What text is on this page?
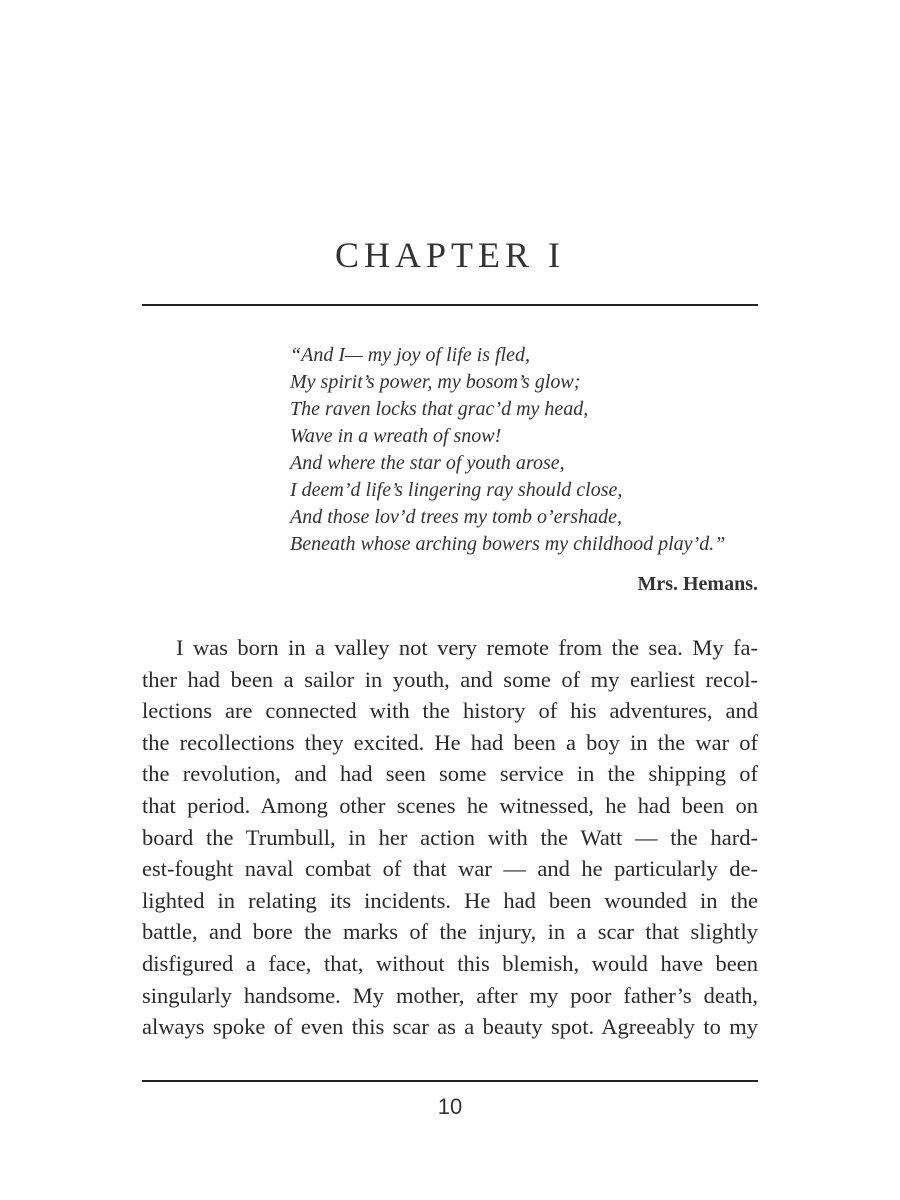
CHAPTER I
“And I— my joy of life is fled,
My spirit’s power, my bosom’s glow;
The raven locks that grac’d my head,
Wave in a wreath of snow!
And where the star of youth arose,
I deem’d life’s lingering ray should close,
And those lov’d trees my tomb o’ershade,
Beneath whose arching bowers my childhood play’d.”
Mrs. Hemans.
I was born in a valley not very remote from the sea. My fa-
ther had been a sailor in youth, and some of my earliest recol-
lections are connected with the history of his adventures, and
the recollections they excited. He had been a boy in the war of
the revolution, and had seen some service in the shipping of
that period. Among other scenes he witnessed, he had been on
board the Trumbull, in her action with the Watt — the hard-
est-fought naval combat of that war — and he particularly de-
lighted in relating its incidents. He had been wounded in the
battle, and bore the marks of the injury, in a scar that slightly
disfigured a face, that, without this blemish, would have been
singularly handsome. My mother, after my poor father’s death,
always spoke of even this scar as a beauty spot. Agreeably to my
10
